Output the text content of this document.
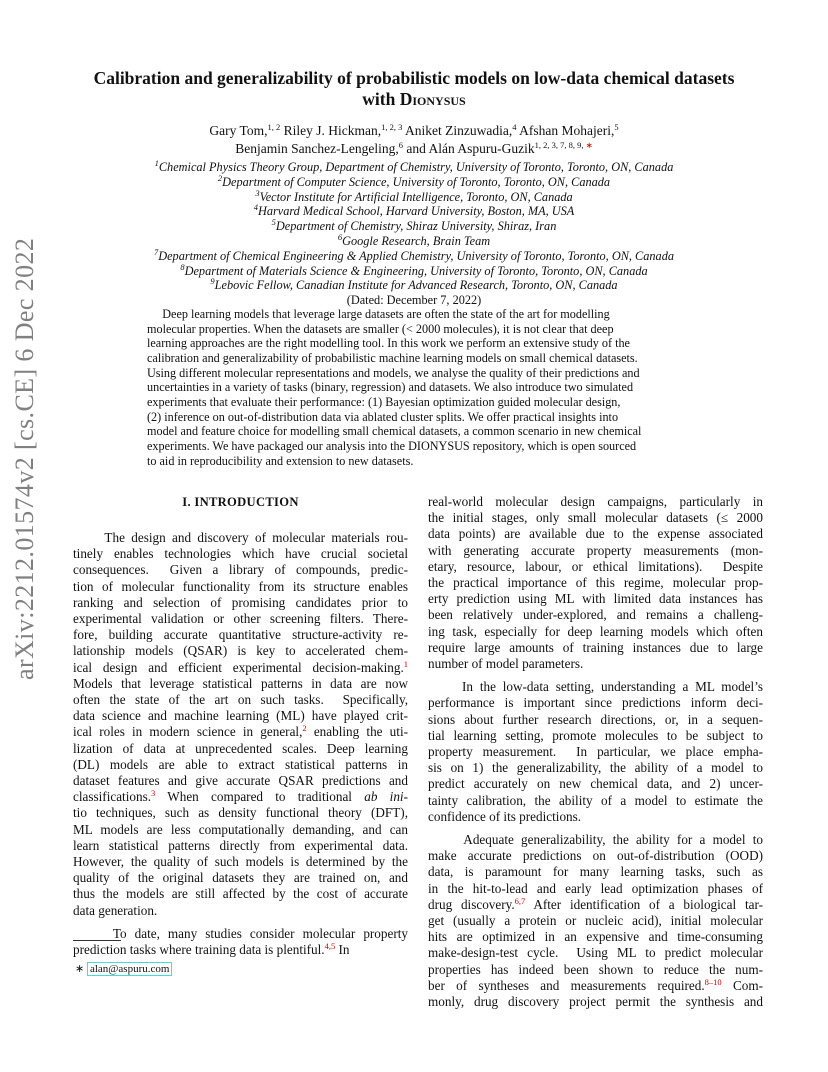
arXiv:2212.01574v2 [cs.CE] 6 Dec 2022
Calibration and generalizability of probabilistic models on low-data chemical datasets
with Dionysus
Gary Tom,$^{1, 2}$ Riley J. Hickman,$^{1, 2, 3}$ Aniket Zinzuwadia,$^4$ Afshan Mohajeri,$^5$
Benjamin Sanchez-Lengeling,$^6$ and Alán Aspuru-Guzik$^{1, 2, 3, 7, 8, 9,}$ ∗
$^1$Chemical Physics Theory Group, Department of Chemistry, University of Toronto, Toronto, ON, Canada
$^2$Department of Computer Science, University of Toronto, Toronto, ON, Canada
$^3$Vector Institute for Artificial Intelligence, Toronto, ON, Canada
$^4$Harvard Medical School, Harvard University, Boston, MA, USA
$^5$Department of Chemistry, Shiraz University, Shiraz, Iran
$^6$Google Research, Brain Team
$^7$Department of Chemical Engineering & Applied Chemistry, University of Toronto, Toronto, ON, Canada
$^8$Department of Materials Science & Engineering, University of Toronto, Toronto, ON, Canada
$^9$Lebovic Fellow, Canadian Institute for Advanced Research, Toronto, ON, Canada
(Dated: December 7, 2022)
Deep learning models that leverage large datasets are often the state of the art for modelling
molecular properties. When the datasets are smaller (< 2000 molecules), it is not clear that deep
learning approaches are the right modelling tool. In this work we perform an extensive study of the
calibration and generalizability of probabilistic machine learning models on small chemical datasets.
Using different molecular representations and models, we analyse the quality of their predictions and
uncertainties in a variety of tasks (binary, regression) and datasets. We also introduce two simulated
experiments that evaluate their performance: (1) Bayesian optimization guided molecular design,
(2) inference on out-of-distribution data via ablated cluster splits. We offer practical insights into
model and feature choice for modelling small chemical datasets, a common scenario in new chemical
experiments. We have packaged our analysis into the DIONYSUS repository, which is open sourced
to aid in reproducibility and extension to new datasets.
I. INTRODUCTION
The design and discovery of molecular materials rou-
tinely enables technologies which have crucial societal
consequences.  Given a library of compounds, predic-
tion of molecular functionality from its structure enables
ranking and selection of promising candidates prior to
experimental validation or other screening filters. There-
fore, building accurate quantitative structure-activity re-
lationship models (QSAR) is key to accelerated chem-
ical design and efficient experimental decision-making.$^1$
Models that leverage statistical patterns in data are now
often the state of the art on such tasks.  Specifically,
data science and machine learning (ML) have played crit-
ical roles in modern science in general,$^2$ enabling the uti-
lization of data at unprecedented scales. Deep learning
(DL) models are able to extract statistical patterns in
dataset features and give accurate QSAR predictions and
classifications.$^3$ When compared to traditional ab ini-
tio techniques, such as density functional theory (DFT),
ML models are less computationally demanding, and can
learn statistical patterns directly from experimental data.
However, the quality of such models is determined by the
quality of the original datasets they are trained on, and
thus the models are still affected by the cost of accurate
data generation.
To date, many studies consider molecular property
prediction tasks where training data is plentiful.$^{4,5}$ In
real-world molecular design campaigns, particularly in
the initial stages, only small molecular datasets (≤ 2000
data points) are available due to the expense associated
with generating accurate property measurements (mon-
etary, resource, labour, or ethical limitations).  Despite
the practical importance of this regime, molecular prop-
erty prediction using ML with limited data instances has
been relatively under-explored, and remains a challeng-
ing task, especially for deep learning models which often
require large amounts of training instances due to large
number of model parameters.
In the low-data setting, understanding a ML model’s
performance is important since predictions inform deci-
sions about further research directions, or, in a sequen-
tial learning setting, promote molecules to be subject to
property measurement.  In particular, we place empha-
sis on 1) the generalizability, the ability of a model to
predict accurately on new chemical data, and 2) uncer-
tainty calibration, the ability of a model to estimate the
confidence of its predictions.
Adequate generalizability, the ability for a model to
make accurate predictions on out-of-distribution (OOD)
data, is paramount for many learning tasks, such as
in the hit-to-lead and early lead optimization phases of
drug discovery.$^{6,7}$ After identification of a biological tar-
get (usually a protein or nucleic acid), initial molecular
hits are optimized in an expensive and time-consuming
make-design-test cycle.  Using ML to predict molecular
properties has indeed been shown to reduce the num-
ber of syntheses and measurements required.$^{8-10}$ Com-
monly, drug discovery project permit the synthesis and
∗ alan@aspuru.com
